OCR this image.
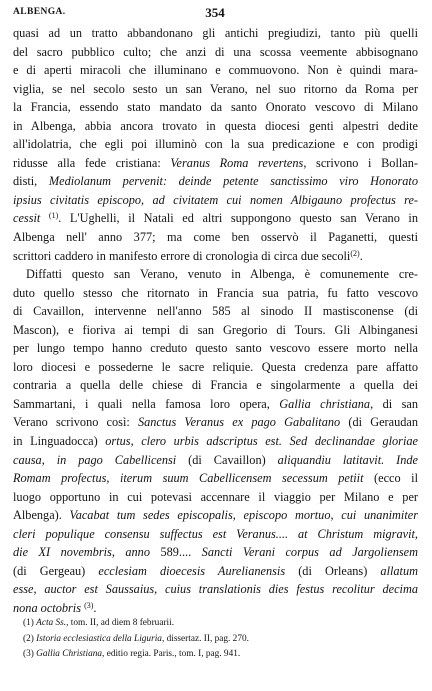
ALBENGA.	354
quasi ad un tratto abbandonano gli antichi pregiudizi, tanto più quelli
del sacro pubblico culto; che anzi di una scossa veemente abbisognano
e di aperti miracoli che illuminano e commuovono. Non è quindi mara-
viglia, se nel secolo sesto un san Verano, nel suo ritorno da Roma per
la Francia, essendo stato mandato da santo Onorato vescovo di Milano
in Albenga, abbia ancora trovato in questa diocesi genti alpestri dedite
all'idolatria, che egli poi illuminò con la sua predicazione e con prodigi
ridusse alla fede cristiana: Veranus Roma revertens, scrivono i Bollan-
disti, Mediolanum pervenit: deinde petente sanctissimo viro Honorato
ipsius civitatis episcopo, ad civitatem cui nomen Albigauno profectus re-
cessit $^{(1)}$. L'Ughelli, il Natali ed altri suppongono questo san Verano in
Albenga nell' anno 377; ma come ben osservò il Paganetti, questi
scrittori caddero in manifesto errore di cronologia di circa due secoli$^{(2)}$.
Diffatti questo san Verano, venuto in Albenga, è comunemente cre-
duto quello stesso che ritornato in Francia sua patria, fu fatto vescovo
di Cavaillon, intervenne nell'anno 585 al sinodo II mastisconense (di
Mascon), e fioriva ai tempi di san Gregorio di Tours. Gli Albinganesi
per lungo tempo hanno creduto questo santo vescovo essere morto nella
loro diocesi e possederne le sacre reliquie. Questa credenza pare affatto
contraria a quella delle chiese di Francia e singolarmente a quella dei
Sammartani, i quali nella famosa loro opera, Gallia christiana, di san
Verano scrivono così: Sanctus Veranus ex pago Gabalitano (di Geraudan
in Linguadocca) ortus, clero urbis adscriptus est. Sed declinandae gloriae
causa, in pago Cabellicensi (di Cavaillon) aliquandiu latitavit. Inde
Romam profectus, iterum suum Cabellicensem secessum petiit (ecco il
luogo opportuno in cui potevasi accennare il viaggio per Milano e per
Albenga). Vacabat tum sedes episcopalis, episcopo mortuo, cui unanimiter
cleri populique consensu suffectus est Veranus.... at Christum migravit,
die XI novembris, anno 589.... Sancti Verani corpus ad Jargoliensem
(di Gergeau) ecclesiam dioecesis Aurelianensis (di Orleans) allatum
esse, auctor est Saussaius, cuius translationis dies festus recolitur decima
nona octobris $^{(3)}$.
(1) Acta Ss., tom. II, ad diem 8 februarii.
(2) Istoria ecclesiastica della Liguria, dissertaz. II, pag. 270.
(3) Gallia Christiana, editio regia. Paris., tom. I, pag. 941.
